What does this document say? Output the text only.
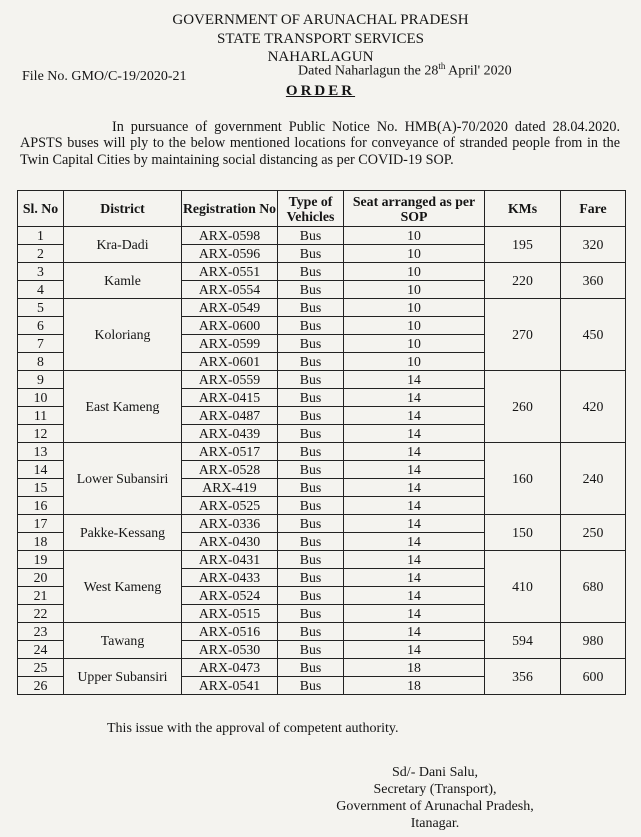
GOVERNMENT OF ARUNACHAL PRADESH
STATE TRANSPORT SERVICES
NAHARLAGUN
File No. GMO/C-19/2020-21	Dated Naharlagun the 28th April' 2020
ORDER
In pursuance of government Public Notice No. HMB(A)-70/2020 dated 28.04.2020. APSTS buses will ply to the below mentioned locations for conveyance of stranded people from in the Twin Capital Cities by maintaining social distancing as per COVID-19 SOP.
Sl. No	District	Registration No	Type of Vehicles	Seat arranged as per SOP	KMs	Fare
1	Kra-Dadi	ARX-0598	Bus	10	195	320
2		ARX-0596	Bus	10		
3	Kamle	ARX-0551	Bus	10	220	360
4		ARX-0554	Bus	10		
5	Koloriang	ARX-0549	Bus	10	270	450
6		ARX-0600	Bus	10		
7		ARX-0599	Bus	10		
8		ARX-0601	Bus	10		
9	East Kameng	ARX-0559	Bus	14	260	420
10		ARX-0415	Bus	14		
11		ARX-0487	Bus	14		
12		ARX-0439	Bus	14		
13	Lower Subansiri	ARX-0517	Bus	14	160	240
14		ARX-0528	Bus	14		
15		ARX-419	Bus	14		
16		ARX-0525	Bus	14		
17	Pakke-Kessang	ARX-0336	Bus	14	150	250
18		ARX-0430	Bus	14		
19	West Kameng	ARX-0431	Bus	14	410	680
20		ARX-0433	Bus	14		
21		ARX-0524	Bus	14		
22		ARX-0515	Bus	14		
23	Tawang	ARX-0516	Bus	14	594	980
24		ARX-0530	Bus	14		
25	Upper Subansiri	ARX-0473	Bus	18	356	600
26		ARX-0541	Bus	18		
This issue with the approval of competent authority.
Sd/- Dani Salu,
Secretary (Transport),
Government of Arunachal Pradesh,
Itanagar.
